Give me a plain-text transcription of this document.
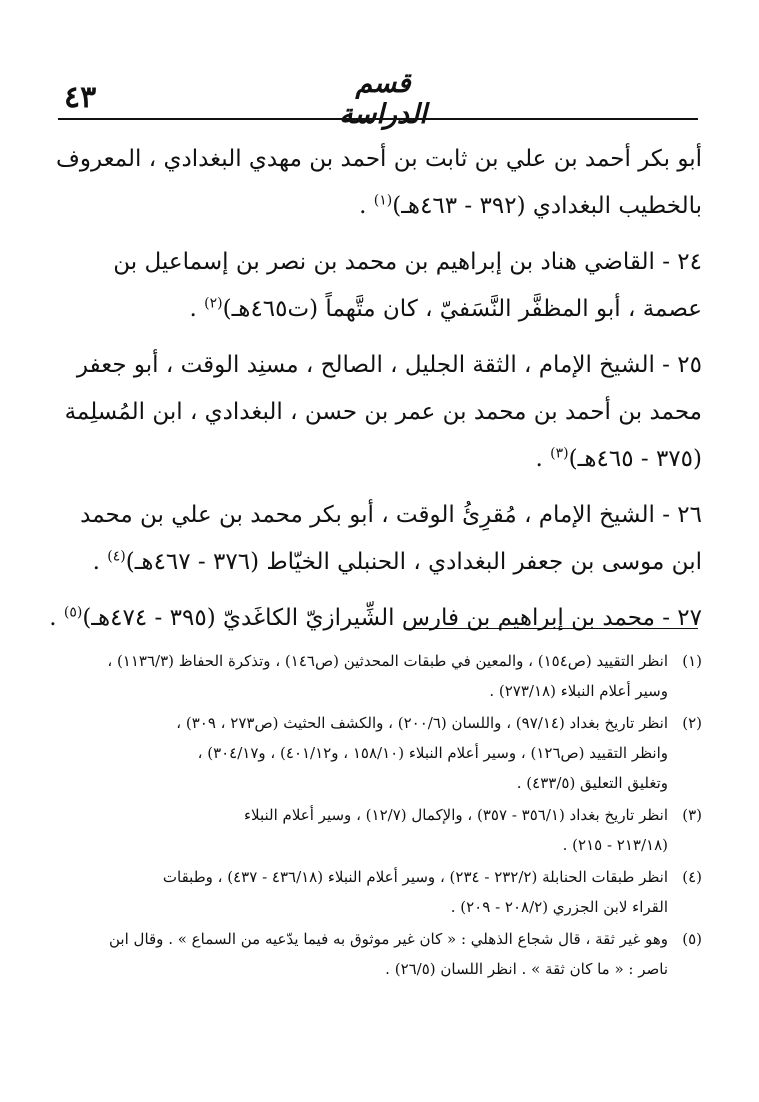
٤٣	قسم الدراسة

أبو بكر أحمد بن علي بن ثابت بن أحمد بن مهدي البغدادي ، المعروف
بالخطيب البغدادي (٣٩٢ - ٤٦٣هـ)$^{(١)}$ .

٢٤ - القاضي هناد بن إبراهيم بن محمد بن نصر بن إسماعيل بن
عصمة ، أبو المظفَّر النَّسَفيّ ، كان متَّهماً (ت٤٦٥هـ)$^{(٢)}$ .

٢٥ - الشيخ الإمام ، الثقة الجليل ، الصالح ، مسنِد الوقت ، أبو جعفر
محمد بن أحمد بن محمد بن عمر بن حسن ، البغدادي ، ابن المُسلِمة
(٣٧٥ - ٤٦٥هـ)$^{(٣)}$ .

٢٦ - الشيخ الإمام ، مُقرِئُ الوقت ، أبو بكر محمد بن علي بن محمد
ابن موسى بن جعفر البغدادي ، الحنبلي الخيّاط (٣٧٦ - ٤٦٧هـ)$^{(٤)}$ .

٢٧ - محمد بن إبراهيم بن فارس الشِّيرازيّ الكاغَديّ (٣٩٥ - ٤٧٤هـ)$^{(٥)}$ .

(١)
انظر التقييد (ص١٥٤) ، والمعين في طبقات المحدثين (ص١٤٦) ، وتذكرة الحفاظ (١١٣٦/٣) ،
وسير أعلام النبلاء (٢٧٣/١٨) .
(٢)
انظر تاريخ بغداد (٩٧/١٤) ، واللسان (٢٠٠/٦) ، والكشف الحثيث (ص٢٧٣ ، ٣٠٩) ،
وانظر التقييد (ص١٢٦) ، وسير أعلام النبلاء (١٥٨/١٠ ، و٤٠١/١٢) ، و٣٠٤/١٧) ،
وتغليق التعليق (٤٣٣/٥) .
(٣)
انظر تاريخ بغداد (٣٥٦/١ - ٣٥٧) ، والإكمال (١٢/٧) ، وسير أعلام النبلاء
(٢١٣/١٨ - ٢١٥) .
(٤)
انظر طبقات الحنابلة (٢٣٢/٢ - ٢٣٤) ، وسير أعلام النبلاء (٤٣٦/١٨ - ٤٣٧) ، وطبقات
القراء لابن الجزري (٢٠٨/٢ - ٢٠٩) .
(٥)
وهو غير ثقة ، قال شجاع الذهلي : « كان غير موثوق به فيما يدّعيه من السماع » . وقال ابن
ناصر : « ما كان ثقة » . انظر اللسان (٢٦/٥) .
